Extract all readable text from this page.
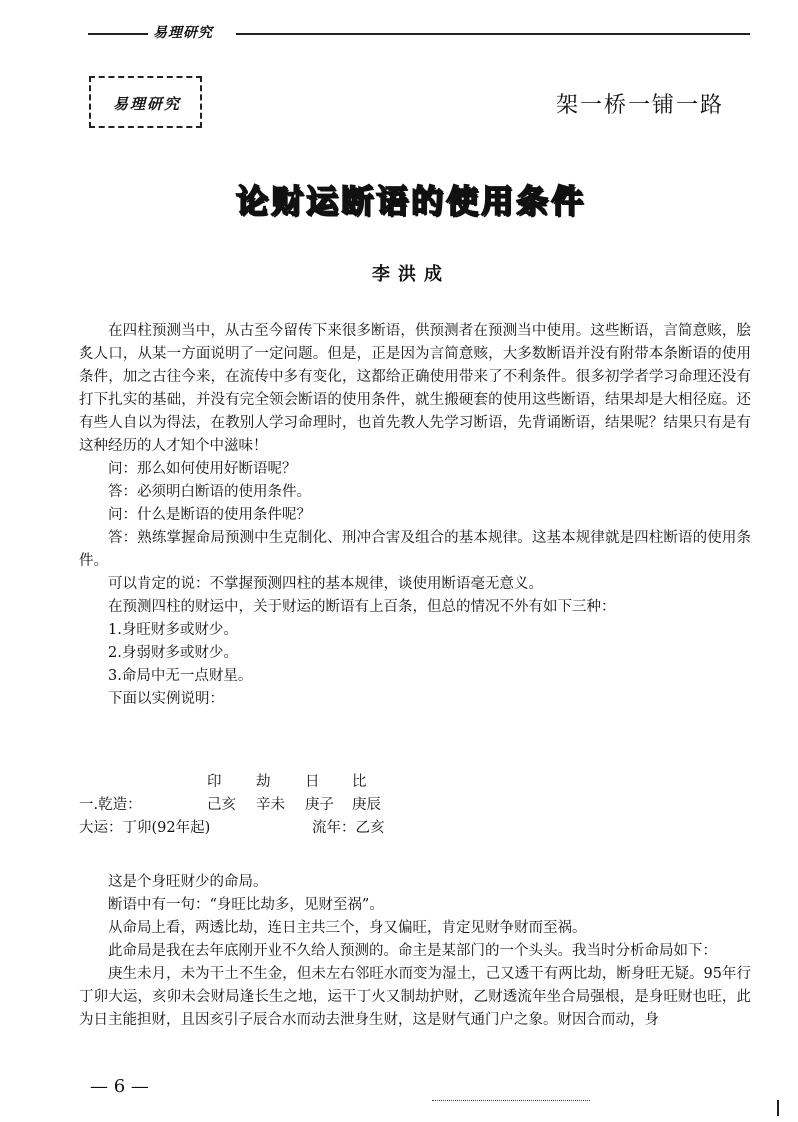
易理研究
易理研究	架一桥一铺一路
论财运断语的使用条件
李洪成

在四柱预测当中，从古至今留传下来很多断语，供预测者在预测当中使用。这些断语，言简意赅，脍炙人口，从某一方面说明了一定问题。但是，正是因为言简意赅，大多数断语并没有附带本条断语的使用条件，加之古往今来，在流传中多有变化，这都给正确使用带来了不利条件。很多初学者学习命理还没有打下扎实的基础，并没有完全领会断语的使用条件，就生搬硬套的使用这些断语，结果却是大相径庭。还有些人自以为得法，在教别人学习命理时，也首先教人先学习断语，先背诵断语，结果呢？结果只有是有这种经历的人才知个中滋味！

问：那么如何使用好断语呢？

答：必须明白断语的使用条件。

问：什么是断语的使用条件呢？

答：熟练掌握命局预测中生克制化、刑冲合害及组合的基本规律。这基本规律就是四柱断语的使用条件。

可以肯定的说：不掌握预测四柱的基本规律，谈使用断语毫无意义。

在预测四柱的财运中，关于财运的断语有上百条，但总的情况不外有如下三种：

1.身旺财多或财少。

2.身弱财多或财少。

3.命局中无一点财星。

下面以实例说明：

印 劫 日 比
一.乾造：	己亥 辛未 庚子 庚辰
大运：丁卯(92年起)	流年：乙亥

这是个身旺财少的命局。

断语中有一句：“身旺比劫多，见财至祸”。

从命局上看，两透比劫，连日主共三个，身又偏旺，肯定见财争财而至祸。

此命局是我在去年底刚开业不久给人预测的。命主是某部门的一个头头。我当时分析命局如下：

庚生未月，未为干土不生金，但未左右邻旺水而变为湿土，己又透干有两比劫，断身旺无疑。95年行丁卯大运，亥卯未会财局逢长生之地，运干丁火又制劫护财，乙财透流年坐合局强根，是身旺财也旺，此为日主能担财，且因亥引子辰合水而动去泄身生财，这是财气通门户之象。财因合而动，身

— 6 —
